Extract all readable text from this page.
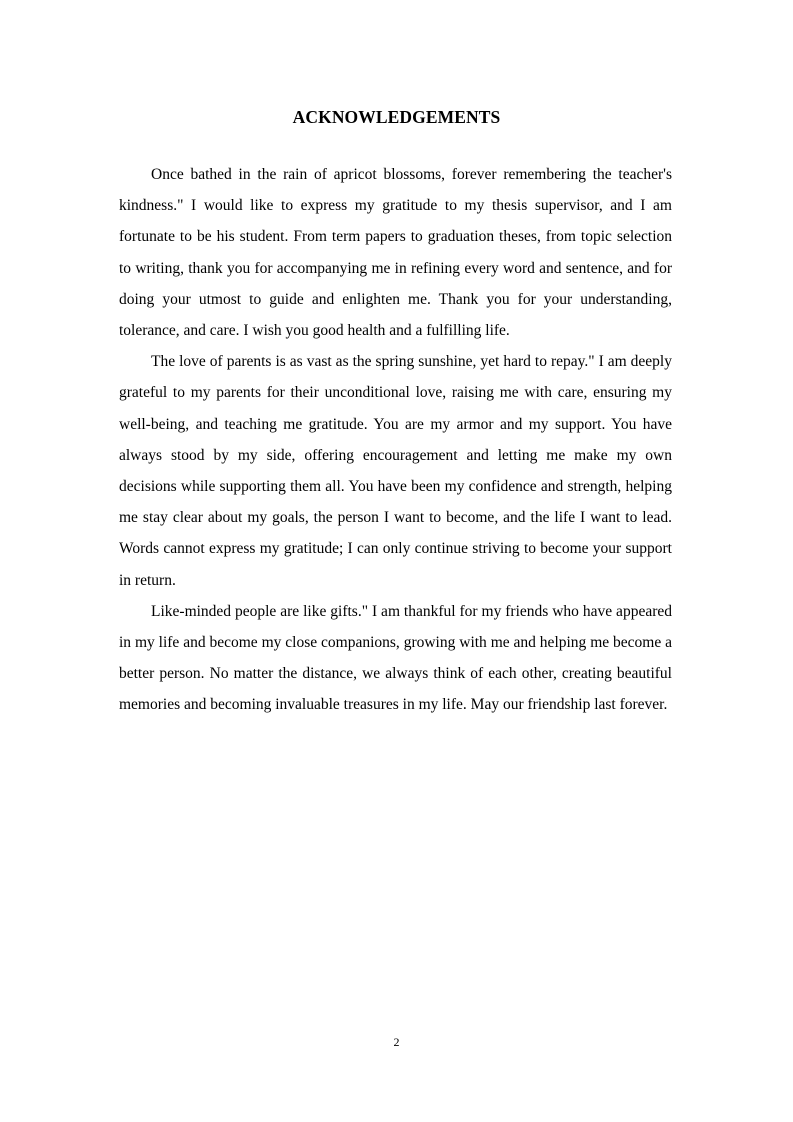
ACKNOWLEDGEMENTS

Once bathed in the rain of apricot blossoms, forever remembering the teacher's kindness." I would like to express my gratitude to my thesis supervisor, and I am fortunate to be his student. From term papers to graduation theses, from topic selection to writing, thank you for accompanying me in refining every word and sentence, and for doing your utmost to guide and enlighten me. Thank you for your understanding, tolerance, and care. I wish you good health and a fulfilling life.

The love of parents is as vast as the spring sunshine, yet hard to repay." I am deeply grateful to my parents for their unconditional love, raising me with care, ensuring my well-being, and teaching me gratitude. You are my armor and my support. You have always stood by my side, offering encouragement and letting me make my own decisions while supporting them all. You have been my confidence and strength, helping me stay clear about my goals, the person I want to become, and the life I want to lead. Words cannot express my gratitude; I can only continue striving to become your support in return.

Like-minded people are like gifts." I am thankful for my friends who have appeared in my life and become my close companions, growing with me and helping me become a better person. No matter the distance, we always think of each other, creating beautiful memories and becoming invaluable treasures in my life. May our friendship last forever.

2
